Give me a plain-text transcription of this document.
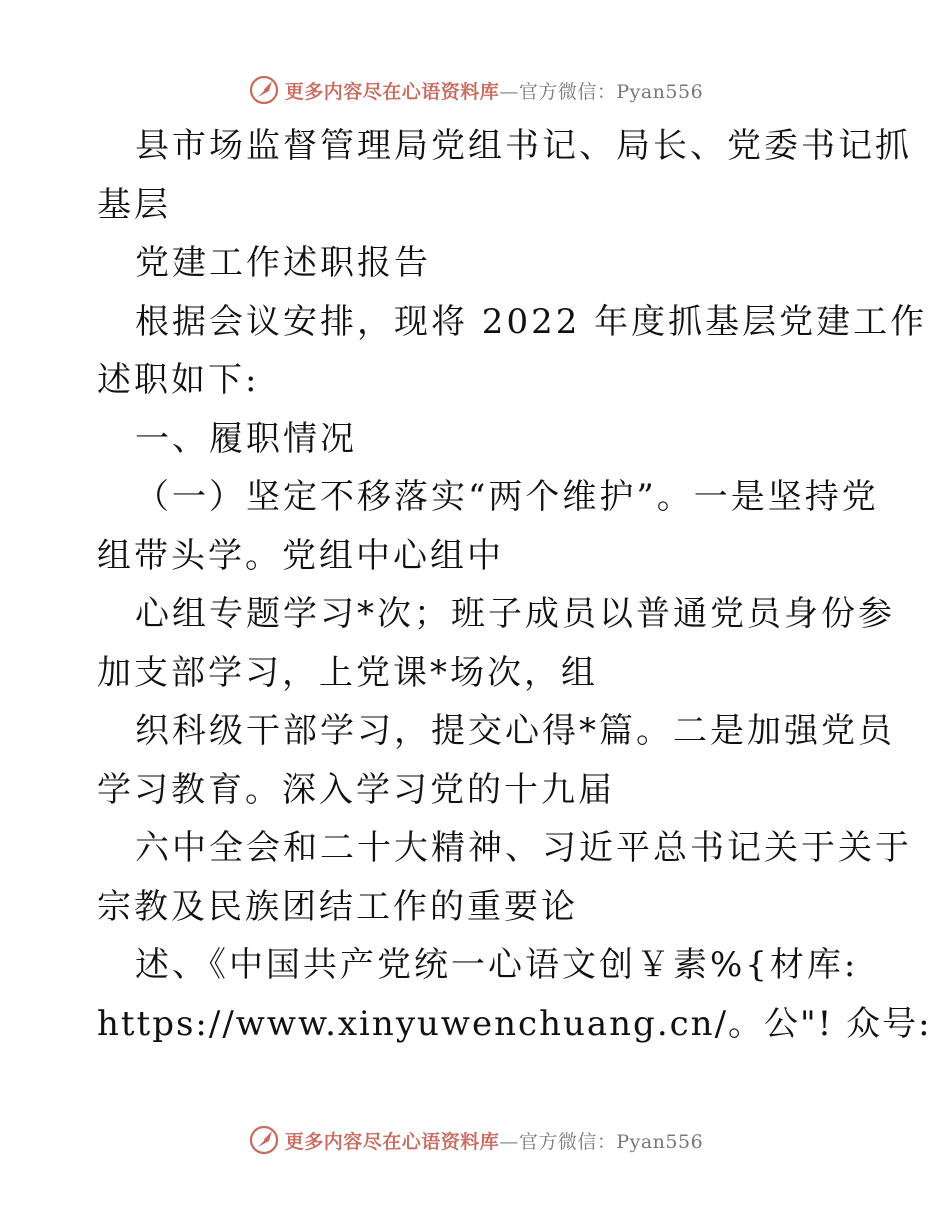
更多内容尽在心语资料库—官方微信：Pyan556
县市场监督管理局党组书记、局长、党委书记抓
基层
党建工作述职报告
根据会议安排，现将 2022 年度抓基层党建工作
述职如下:
一、履职情况
（一）坚定不移落实“两个维护”。一是坚持党
组带头学。党组中心组中
心组专题学习*次；班子成员以普通党员身份参
加支部学习，上党课*场次，组
织科级干部学习，提交心得*篇。二是加强党员
学习教育。深入学习党的十九届
六中全会和二十大精神、习近平总书记关于关于
宗教及民族团结工作的重要论
述、《中国共产党统一心语文创￥素%{材库:
https://www.xinyuwenchuang.cn/。公"! 众号:
更多内容尽在心语资料库—官方微信：Pyan556
